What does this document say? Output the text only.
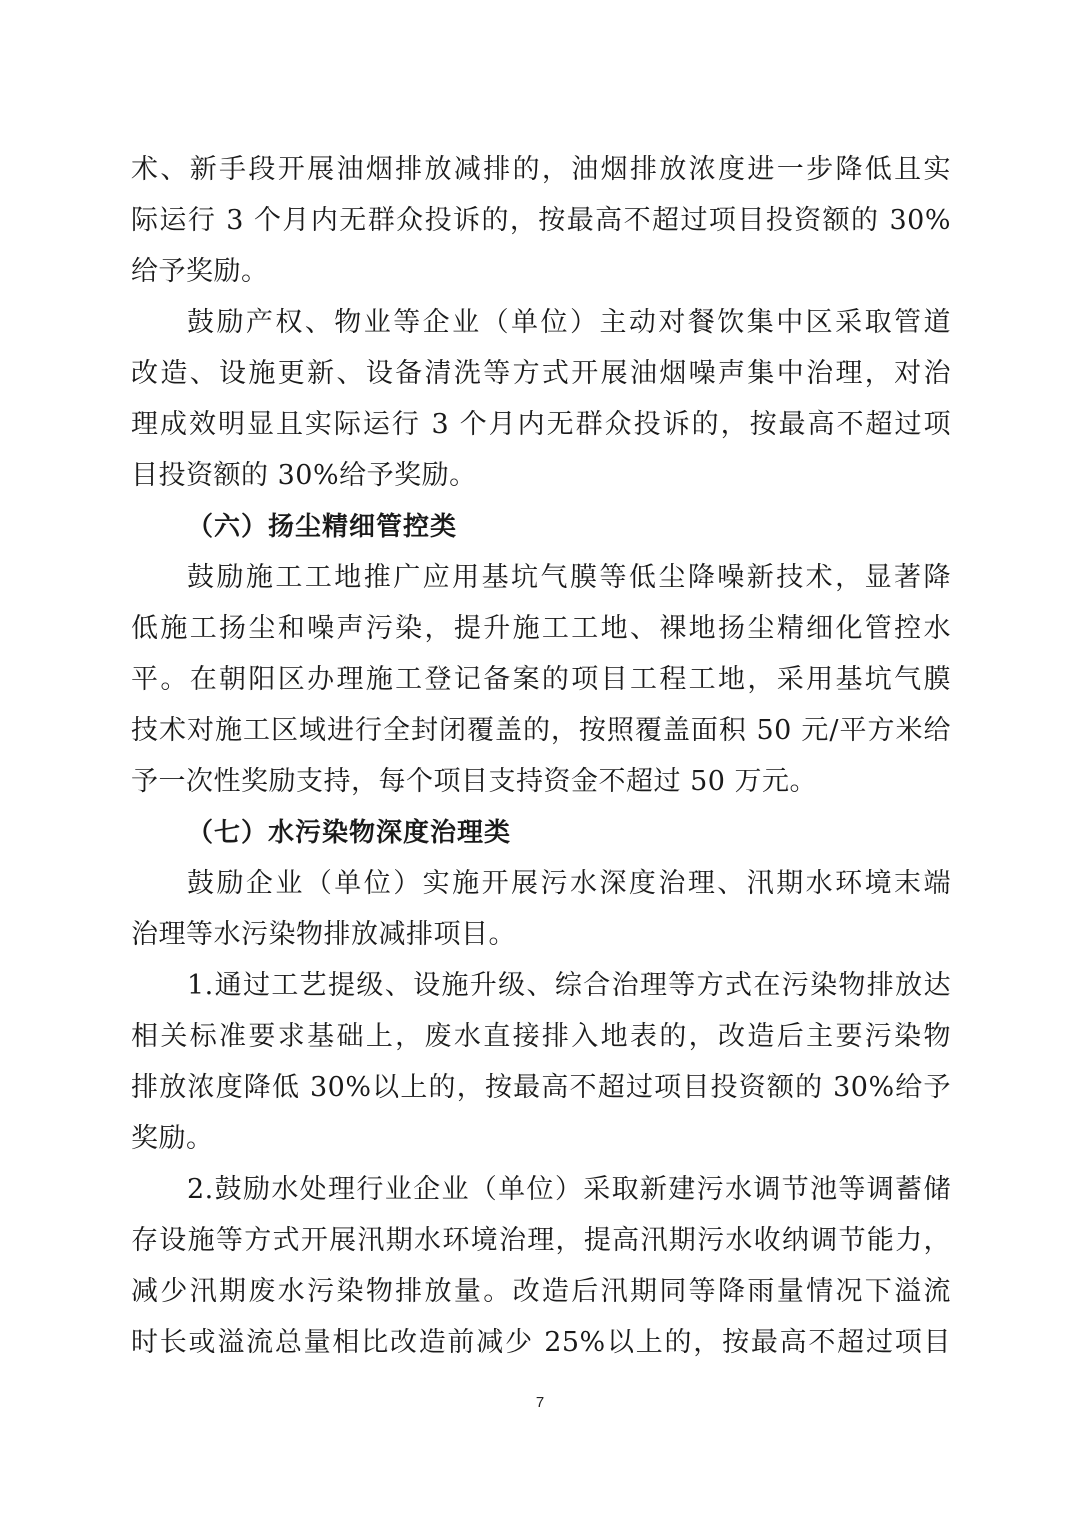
术、新手段开展油烟排放减排的，油烟排放浓度进一步降低且实
际运行 3 个月内无群众投诉的，按最高不超过项目投资额的 30%
给予奖励。
鼓励产权、物业等企业（单位）主动对餐饮集中区采取管道
改造、设施更新、设备清洗等方式开展油烟噪声集中治理，对治
理成效明显且实际运行 3 个月内无群众投诉的，按最高不超过项
目投资额的 30%给予奖励。
（六）扬尘精细管控类
鼓励施工工地推广应用基坑气膜等低尘降噪新技术，显著降
低施工扬尘和噪声污染，提升施工工地、裸地扬尘精细化管控水
平。在朝阳区办理施工登记备案的项目工程工地，采用基坑气膜
技术对施工区域进行全封闭覆盖的，按照覆盖面积 50 元/平方米给
予一次性奖励支持，每个项目支持资金不超过 50 万元。
（七）水污染物深度治理类
鼓励企业（单位）实施开展污水深度治理、汛期水环境末端
治理等水污染物排放减排项目。
1.通过工艺提级、设施升级、综合治理等方式在污染物排放达
相关标准要求基础上，废水直接排入地表的，改造后主要污染物
排放浓度降低 30%以上的，按最高不超过项目投资额的 30%给予
奖励。
2.鼓励水处理行业企业（单位）采取新建污水调节池等调蓄储
存设施等方式开展汛期水环境治理，提高汛期污水收纳调节能力，
减少汛期废水污染物排放量。改造后汛期同等降雨量情况下溢流
时长或溢流总量相比改造前减少 25%以上的，按最高不超过项目
7
